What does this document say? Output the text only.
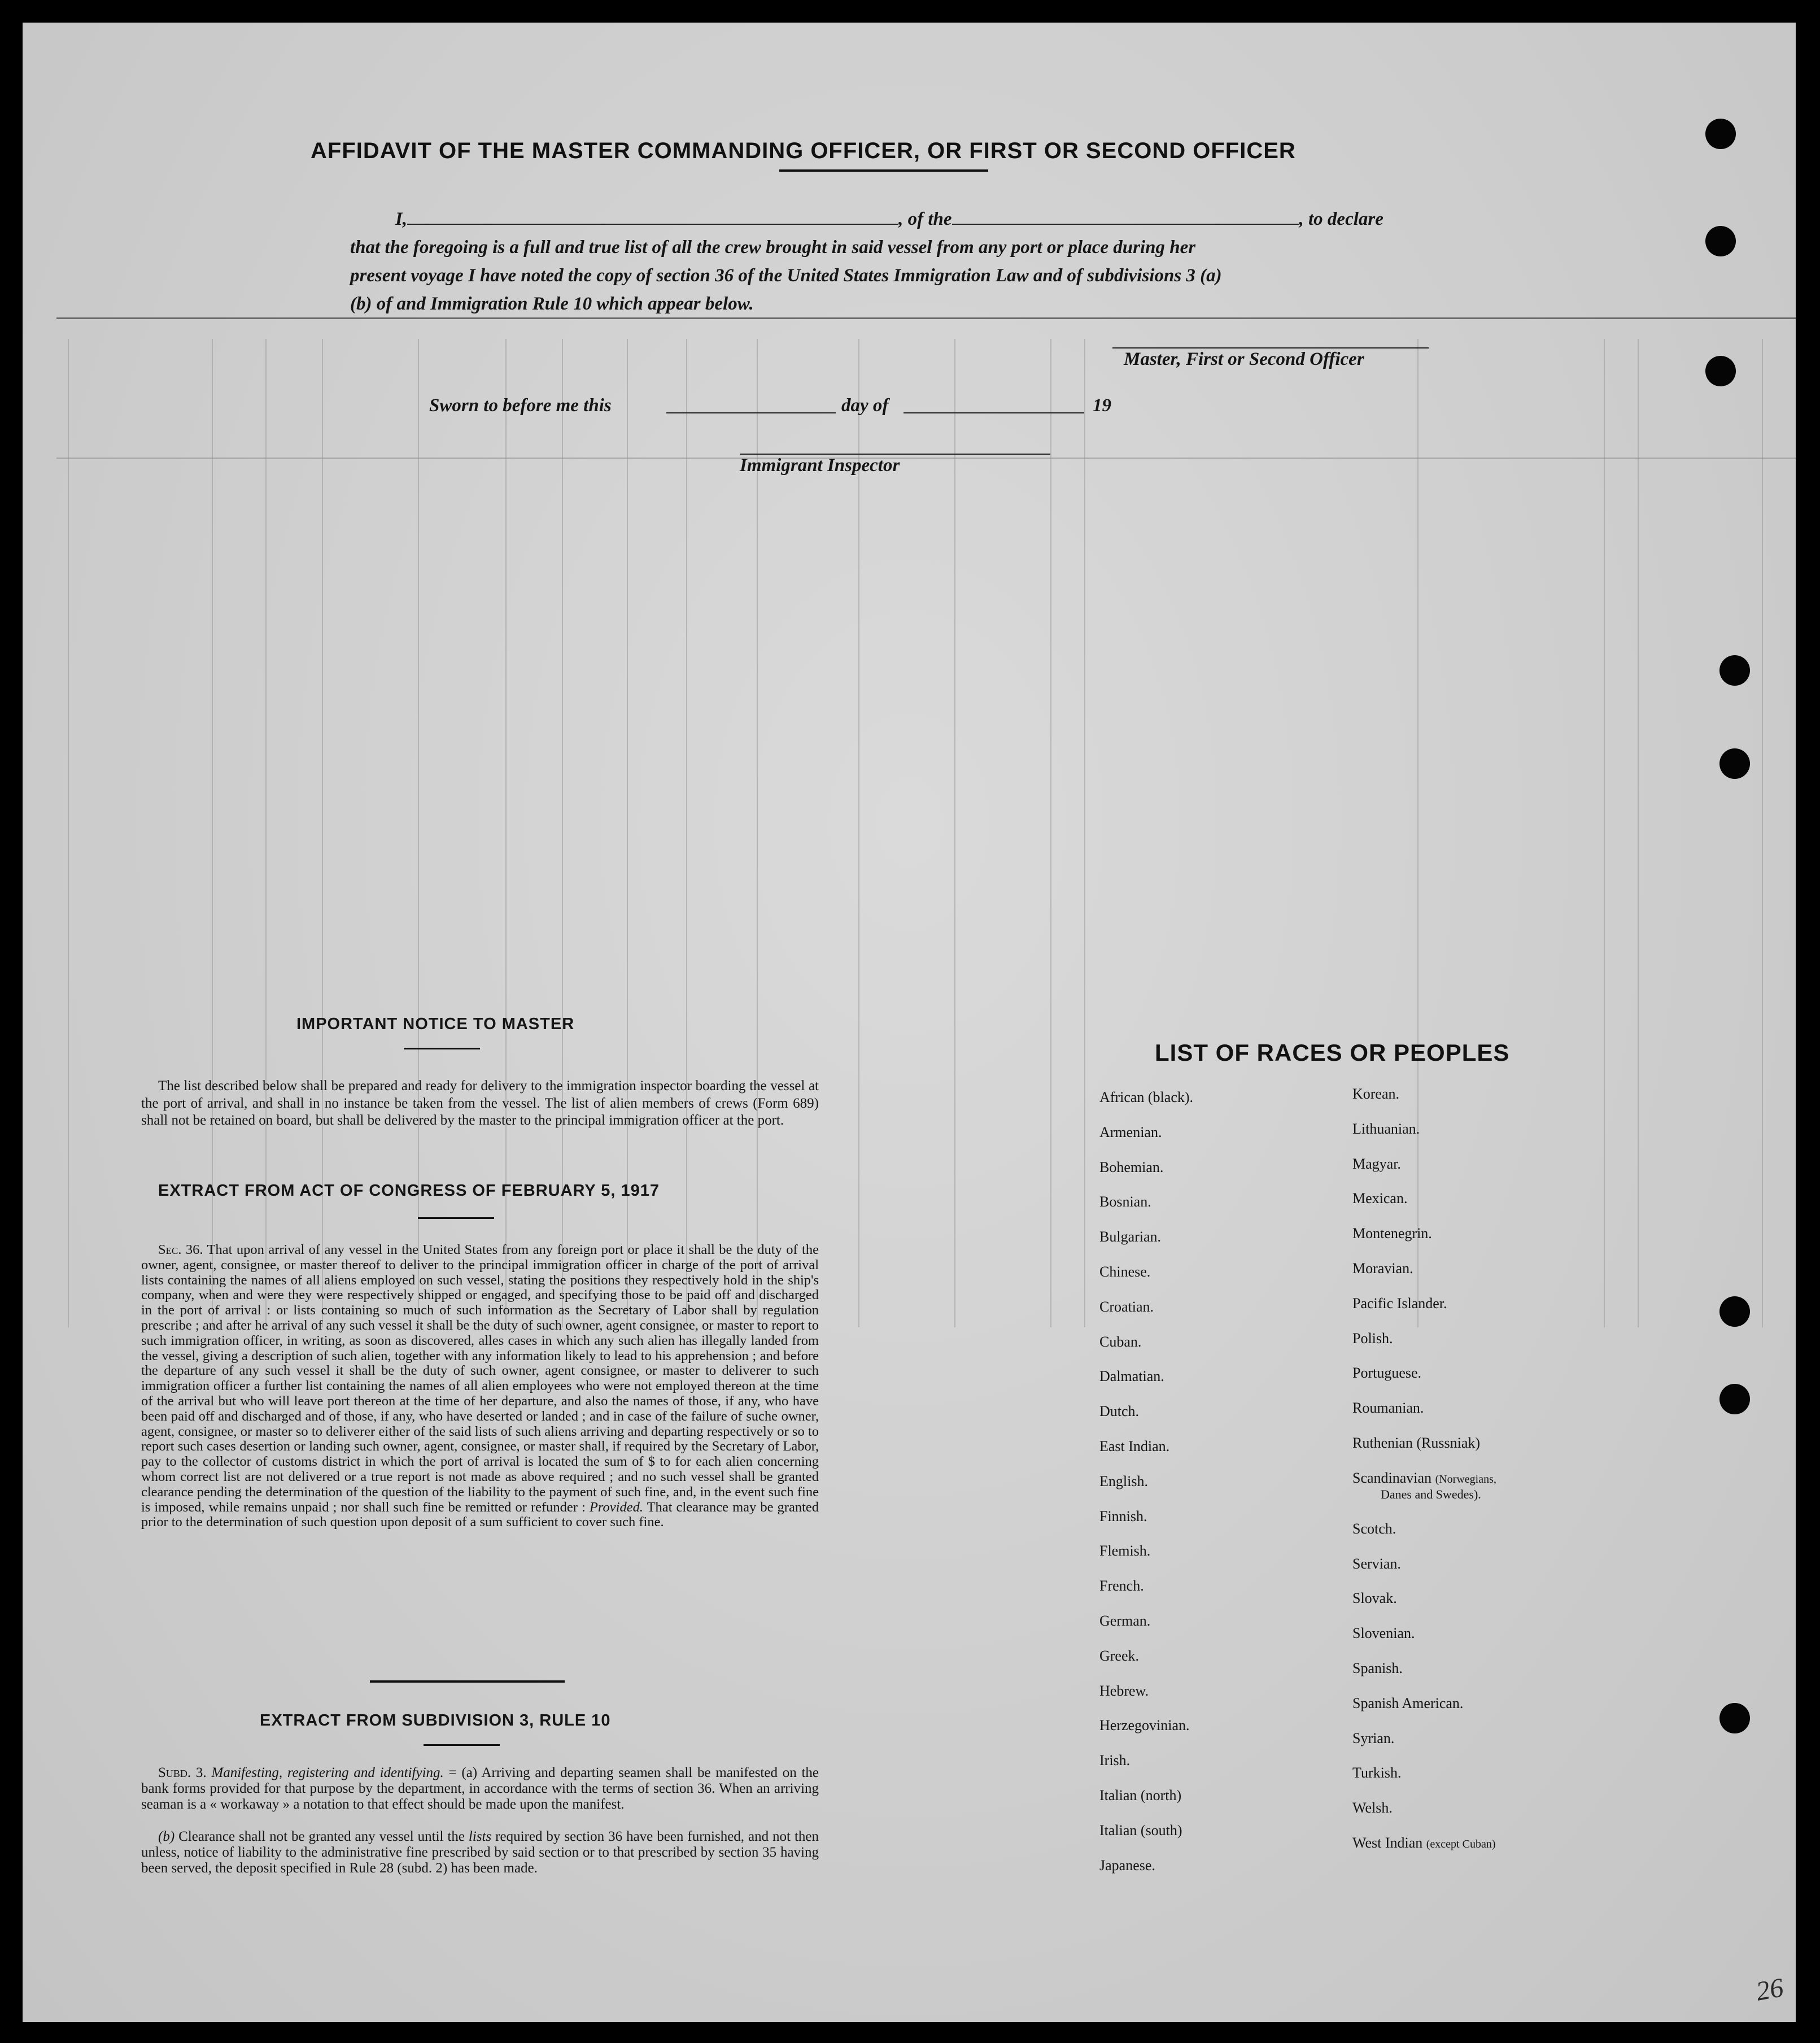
AFFIDAVIT OF THE MASTER COMMANDING OFFICER, OR FIRST OR SECOND OFFICER
I,	, of the	, to declare
that the foregoing is a full and true list of all the crew brought in said vessel from any port or place during her
present voyage I have noted the copy of section 36 of the United States Immigration Law and of subdivisions 3 (a)
(b) of and Immigration Rule 10 which appear below.
Master, First or Second Officer
Sworn to before me this	day of	19
Immigrant Inspector
IMPORTANT NOTICE TO MASTER
The list described below shall be prepared and ready for delivery to the immigration inspector boarding the vessel at the port of arrival, and shall in no instance be taken from the vessel. The list of alien members of crews (Form 689) shall not be retained on board, but shall be delivered by the master to the principal immigration officer at the port.
EXTRACT FROM ACT OF CONGRESS OF FEBRUARY 5, 1917
Sec. 36. That upon arrival of any vessel in the United States from any foreign port or place it shall be the duty of the owner, agent, consignee, or master thereof to deliver to the principal immigration officer in charge of the port of arrival lists containing the names of all aliens employed on such vessel, stating the positions they respectively hold in the ship's company, when and were they were respectively shipped or engaged, and specifying those to be paid off and discharged in the port of arrival : or lists containing so much of such information as the Secretary of Labor shall by regulation prescribe ; and after he arrival of any such vessel it shall be the duty of such owner, agent consignee, or master to report to such immigration officer, in writing, as soon as discovered, alles cases in which any such alien has illegally landed from the vessel, giving a description of such alien, together with any information likely to lead to his apprehension ; and before the departure of any such vessel it shall be the duty of such owner, agent consignee, or master to deliverer to such immigration officer a further list containing the names of all alien employees who were not employed thereon at the time of the arrival but who will leave port thereon at the time of her departure, and also the names of those, if any, who have been paid off and discharged and of those, if any, who have deserted or landed ; and in case of the failure of suche owner, agent, consignee, or master so to deliverer either of the said lists of such aliens arriving and departing respectively or so to report such cases desertion or landing such owner, agent, consignee, or master shall, if required by the Secretary of Labor, pay to the collector of customs district in which the port of arrival is located the sum of $ to for each alien concerning whom correct list are not delivered or a true report is not made as above required ; and no such vessel shall be granted clearance pending the determination of the question of the liability to the payment of such fine, and, in the event such fine is imposed, while remains unpaid ; nor shall such fine be remitted or refunder : Provided. That clearance may be granted prior to the determination of such question upon deposit of a sum sufficient to cover such fine.
EXTRACT FROM SUBDIVISION 3, RULE 10
Subd. 3. Manifesting, registering and identifying. = (a) Arriving and departing seamen shall be manifested on the bank forms provided for that purpose by the department, in accordance with the terms of section 36. When an arriving seaman is a « workaway » a notation to that effect should be made upon the manifest.
(b) Clearance shall not be granted any vessel until the lists required by section 36 have been furnished, and not then unless, notice of liability to the administrative fine prescribed by said section or to that prescribed by section 35 having been served, the deposit specified in Rule 28 (subd. 2) has been made.
LIST OF RACES OR PEOPLES
African (black).
Armenian.
Bohemian.
Bosnian.
Bulgarian.
Chinese.
Croatian.
Cuban.
Dalmatian.
Dutch.
East Indian.
English.
Finnish.
Flemish.
French.
German.
Greek.
Hebrew.
Herzegovinian.
Irish.
Italian (north)
Italian (south)
Japanese.
Korean.
Lithuanian.
Magyar.
Mexican.
Montenegrin.
Moravian.
Pacific Islander.
Polish.
Portuguese.
Roumanian.
Ruthenian (Russniak)
Scandinavian (Norwegians,
Danes and Swedes).
Scotch.
Servian.
Slovak.
Slovenian.
Spanish.
Spanish American.
Syrian.
Turkish.
Welsh.
West Indian (except Cuban)
26
